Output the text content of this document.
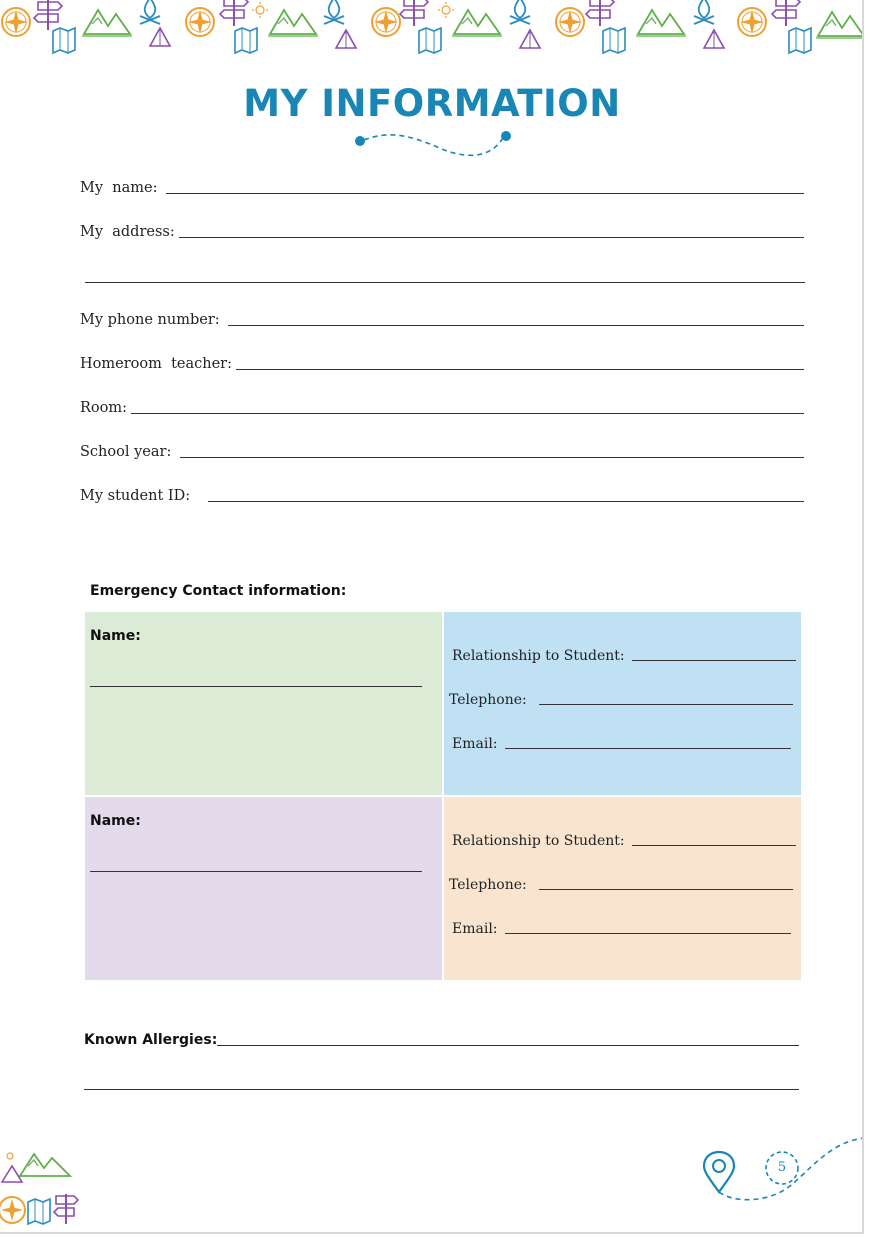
MY INFORMATION
My  name:
My  address:
My phone number:
Homeroom  teacher:
Room:
School year:
My student ID:
Emergency Contact information:
Name:
Relationship to Student:
Telephone:
Email:
Name:
Relationship to Student:
Telephone:
Email:
Known Allergies:
5
